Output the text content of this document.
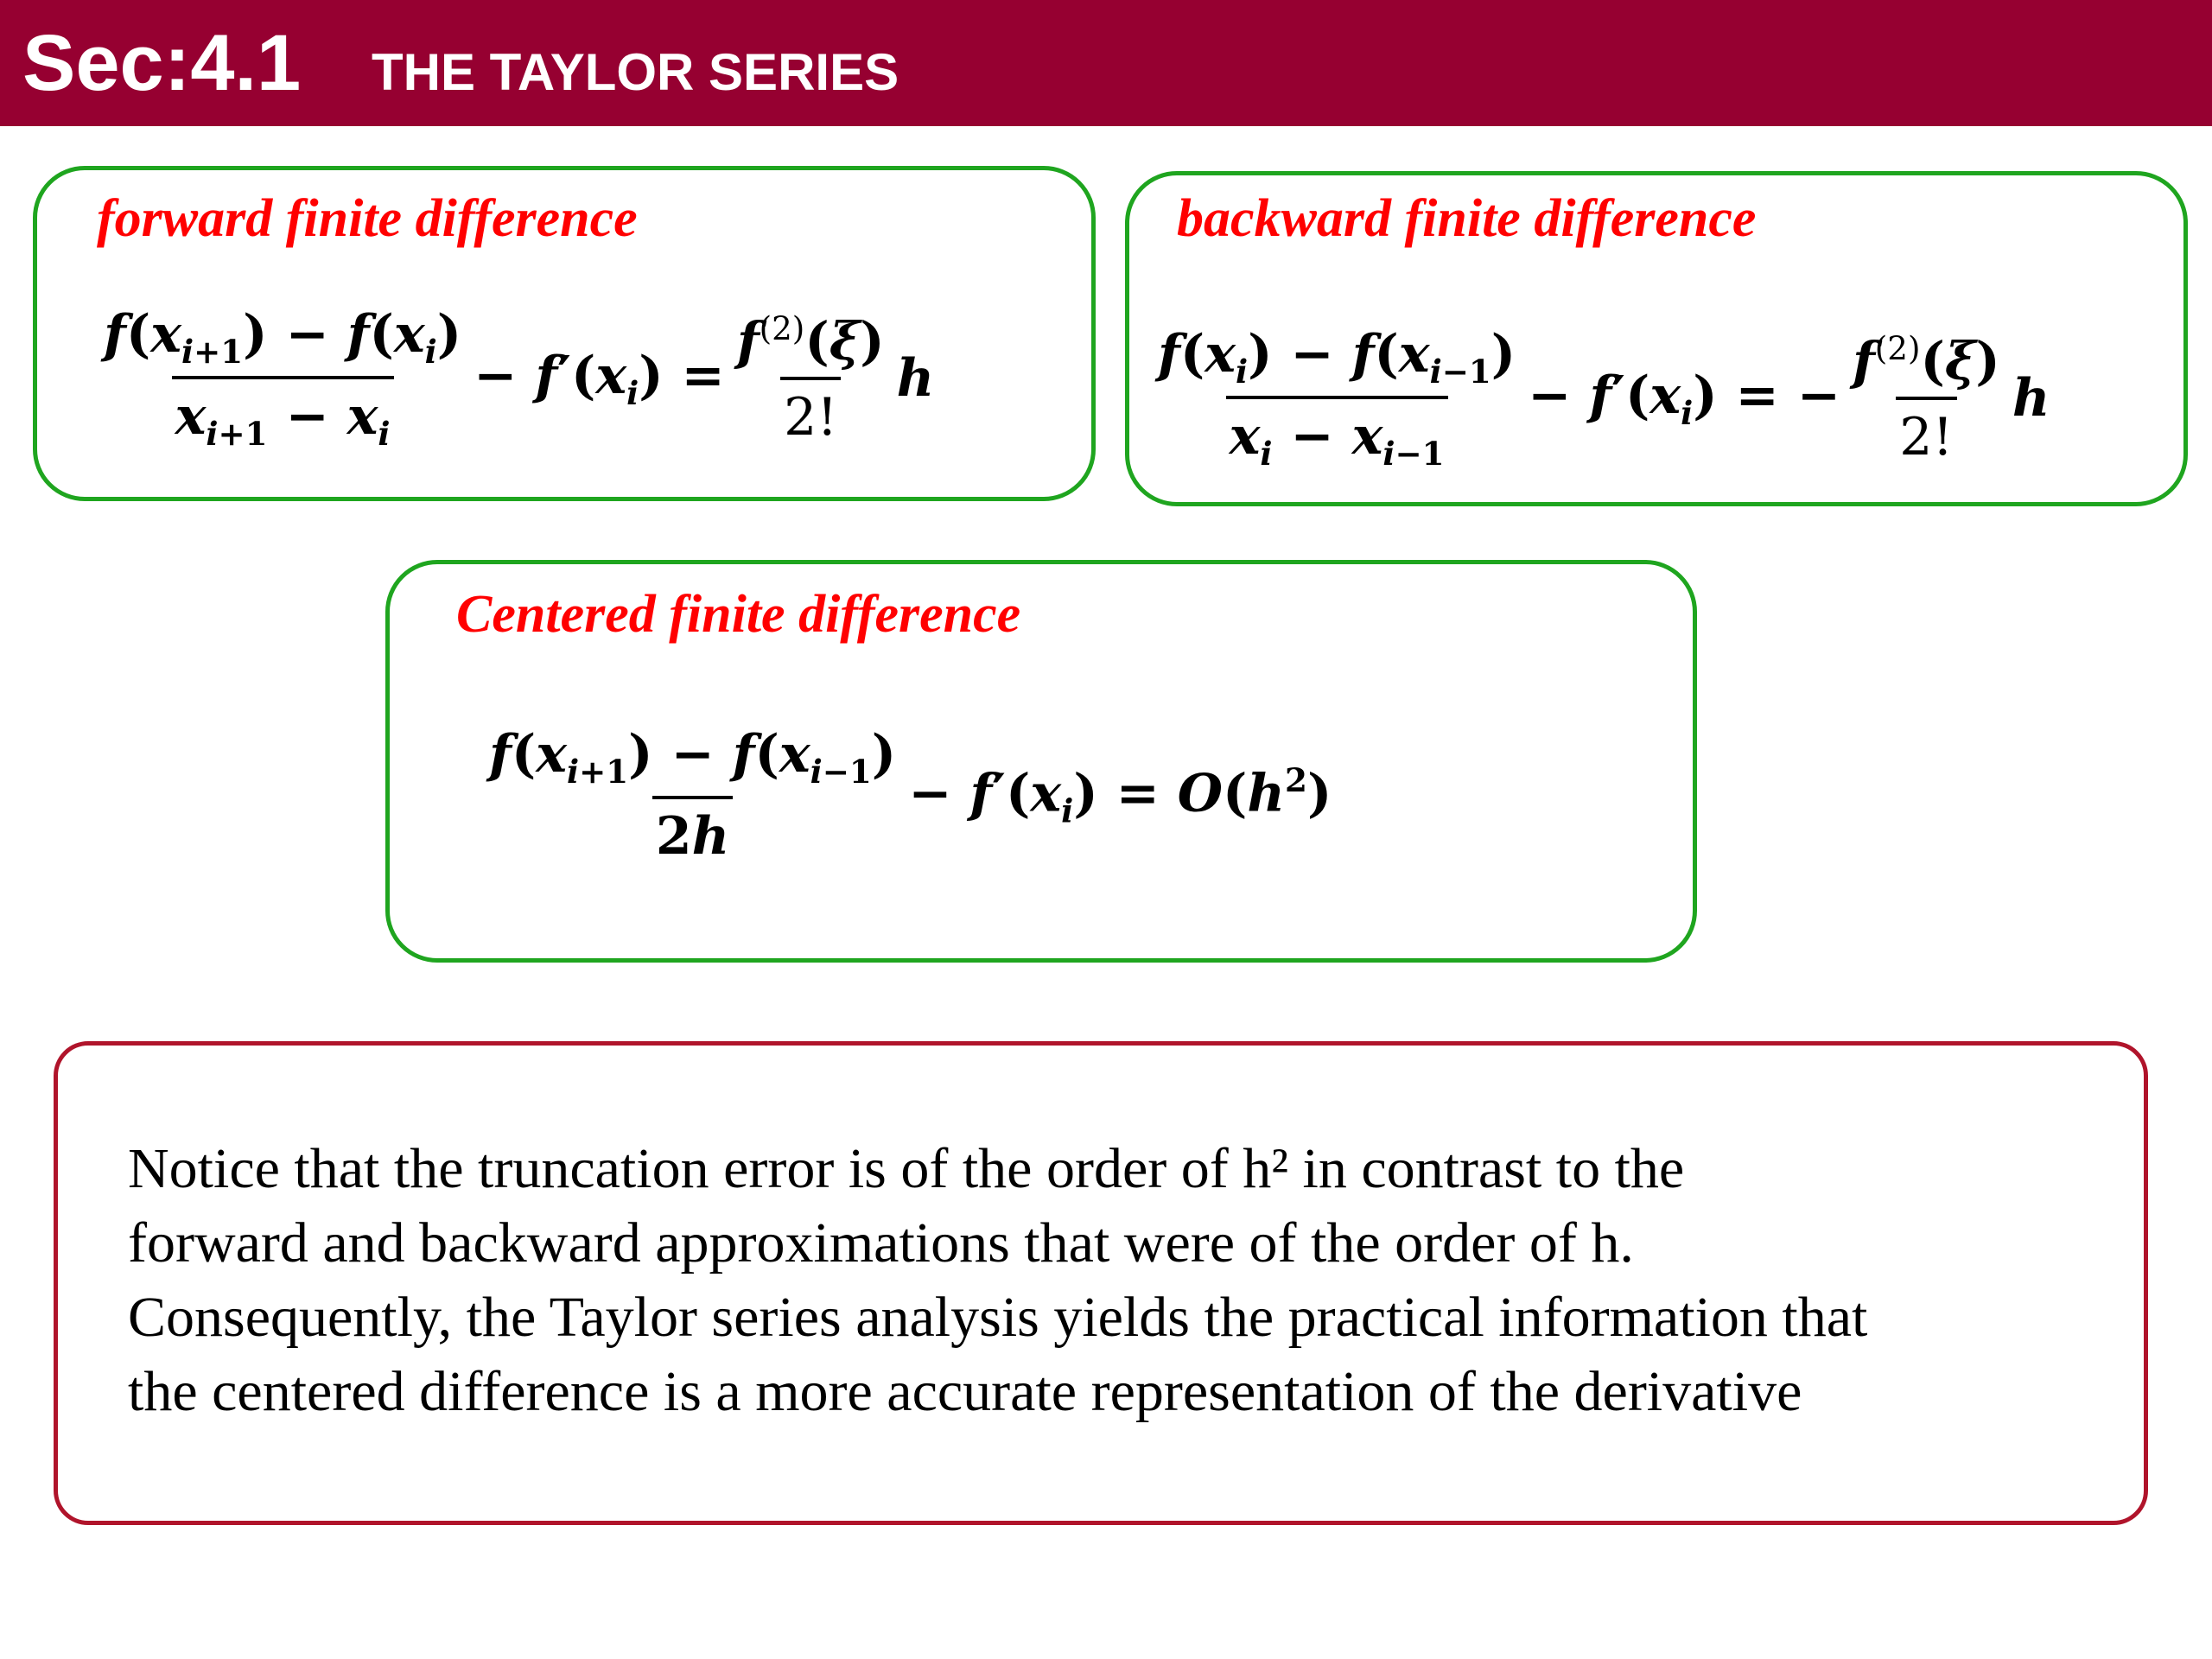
Sec:4.1 THE TAYLOR SERIES
forward finite difference
$\frac{f(x_{i+1}) - f(x_i)}{x_{i+1} - x_i} - f'(x_i) = \frac{f^{(2)}(\xi)}{2!}$ h
backward finite difference
$\frac{f(x_i) - f(x_{i-1})}{x_i - x_{i-1}} - f'(x_i)$ = − $\frac{f^{(2)}(\xi)}{2!}$ h
Centered finite difference
$\frac{f(x_{i+1}) - f(x_{i-1})}{2h} - f'(x_i) = O(h^2)$
Notice that the truncation error is of the order of h² in contrast to the
forward and backward approximations that were of the order of h.
Consequently, the Taylor series analysis yields the practical information that
the centered difference is a more accurate representation of the derivative
